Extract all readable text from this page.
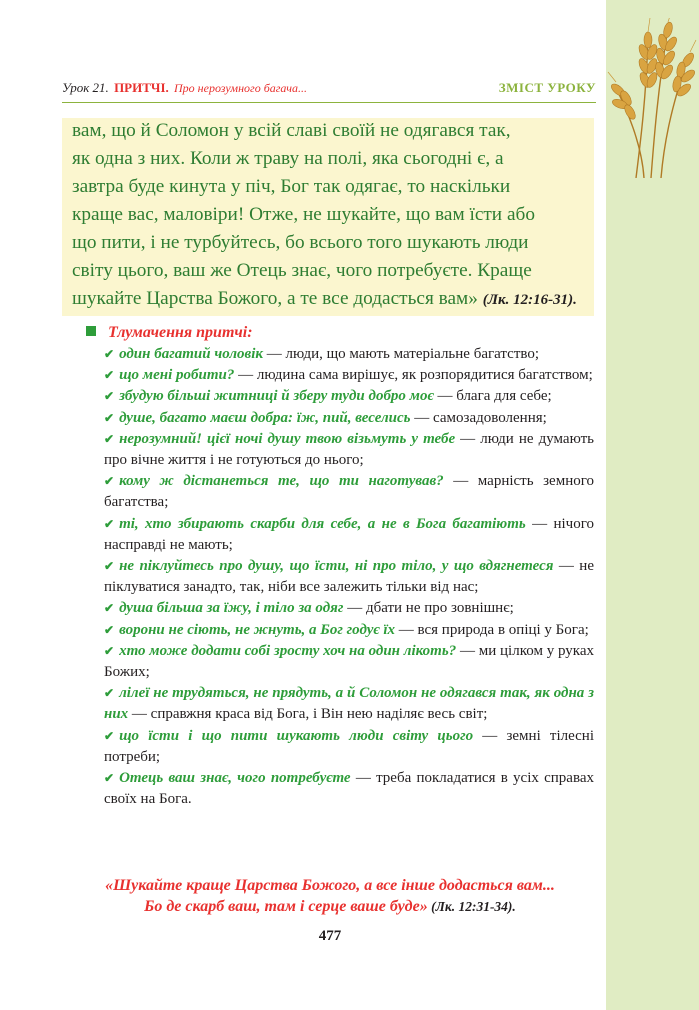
Урок 21. ПРИТЧІ. Про нерозумного багача...	ЗМІСТ УРОКУ
вам, що й Соломон у всій славі своїй не одягався так,
як одна з них. Коли ж траву на полі, яка сьогодні є, а
завтра буде кинута у піч, Бог так одягає, то наскільки
краще вас, маловіри! Отже, не шукайте, що вам їсти або
що пити, і не турбуйтесь, бо всього того шукають люди
світу цього, ваш же Отець знає, чого потребуєте. Краще
шукайте Царства Божого, а те все додасться вам» (Лк. 12:16-31).
Тлумачення притчі:
✔ один багатий чоловік — люди, що мають матеріальне багатство;
✔ що мені робити? — людина сама вирішує, як розпорядитися багатством;
✔ збудую більші житниці й зберу туди добро моє — блага для себе;
✔ душе, багато маєш добра: їж, пий, веселись — самозадоволення;
✔ нерозумний! цієї ночі душу твою візьмуть у тебе — люди не думають про вічне життя і не готуються до нього;
✔ кому ж дістанеться те, що ти наготував? — марність земного багатства;
✔ ті, хто збирають скарби для себе, а не в Бога багатіють — нічого насправді не мають;
✔ не піклуйтесь про душу, що їсти, ні про тіло, у що вдягнетеся — не піклуватися занадто, так, ніби все залежить тільки від нас;
✔ душа більша за їжу, і тіло за одяг — дбати не про зовнішнє;
✔ ворони не сіють, не жнуть, а Бог годує їх — вся природа в опіці у Бога;
✔ хто може додати собі зросту хоч на один лікоть? — ми цілком у руках Божих;
✔ лілеї не трудяться, не прядуть, а й Соломон не одягався так, як одна з них — справжня краса від Бога, і Він нею наділяє весь світ;
✔ що їсти і що пити шукають люди світу цього — земні тілесні потреби;
✔ Отець ваш знає, чого потребуєте — треба покладатися в усіх справах своїх на Бога.
«Шукайте краще Царства Божого, а все інше додасться вам...
Бо де скарб ваш, там і серце ваше буде» (Лк. 12:31-34).
477
